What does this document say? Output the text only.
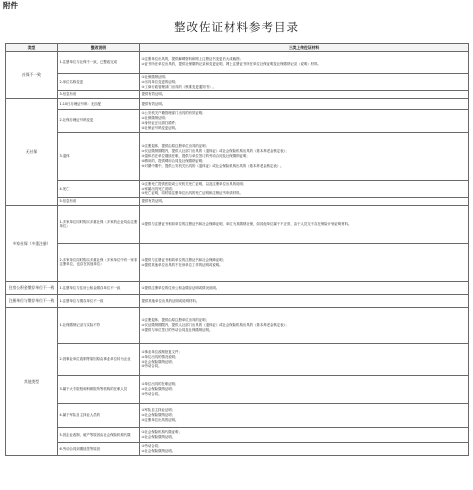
附件
整改佐证材料参考目录
类型	整改说明	三类上传佐证材料
社保不一致	1.注册单位与社保不一致，已整改完成	①注册单位出具的，提供解聘资料和网上注册证书变更后大成截图；

②证书所在单位出具的，提供社保缴纳记录和变更证明，网上注册证书所在单位社保证明及社保缴纳记录（说明）材料。

	2.单位名称变更	①社保缴纳证明；

②出具单位变更的证明；

③工商行政管理部门出具的《核准变更通知书》。

	3.信息有误	提供有效证明。

无社保	1.10日办理证号码：无匹配	提供有效证明。

	2.社保办理证号码变更	①公安机关户籍管理部门出具的有效证明；

②社保缴纳证明；

③身份证正反面扫描件；

④社保证号码变更证明。

	3.退休	①注册退休，提供由原注册单位出具的证明；

②仅证缴纳期限内，提供人社部门出具的《退休证》或社会保险机构出具的《基本养老金核定表》；

③退休后在单位继续任职，提供与单位签订的劳动合同及社保缴纳证明；

④聘用的，提供聘用合同及社保缴纳证明；

⑤对期中期中，提供公安机关出具的《退休证》或社会保险机构出具的《基本养老金核定表》。

	4.死亡	①注册死亡提供医院或公安机关死亡证明，以及注册单位出具的说明；

②家属出具死亡说明；

③死亡证明，同时原注册单位出具的死亡证明和注销证书申请材料。

	5.信息有误	提供有效证明。

多家社保（多重注册）	1.多家单位同时购买多重社保（多家的企业均由注册单位）	①提供与注册证书相同单位的注册证书和社会保障证明，单位为其缴纳社保，如其他单位属于不正常，由于人员交不存在保险计划证明材料。

	2.多家单位同时购买多重社保（多家单位中有一家非注册单位，也存在其他单位）	①提供与注册证书相同单位的注册证书和社会保障证明；

②提供其他单位出具的不在该单位工作的证明或说明。

住房公积金缴存单位不一致	1.注册单位与住房公积金缴存单位不一致	①提供注册单位的住房公积金缴存证明或情况说明。

注册单位与缴存单位不一致	1.注册单位与缴存单位不一致	提供其他单位出具的证明或说明材料。

其他类型	1.社保缴纳记录与实际不符	①注册退休，提供由原注册单位出具的证明；

②仅证缴纳期限内，提供人社部门出具的《退休证》或社会保险机构出具的《基本养老金核定表》；

③提供与单位签订的劳动合同及社保缴纳证明。

	2.因事业单位改制等原因原由事业单位转为企业	①事业单位改制批复文件；

②单位出具的情况说明；

③社会保险缴纳证明；

④劳动合同。

	3.属于大专院校和科研院所等机构的在职人员	①单位出具的在职证明；

②社会保险缴纳证明；

③劳动合同。

	4.属于军队自主择业人员的	①军队自主择业证明；

②社会保险缴纳证明；

③注册单位出具的证明。

	5.因企业改制、破产等原因由社会保险机构代缴	①社会保险机构代缴证明；

②社会保险缴纳证明。

	6.劳动合同到期续签等原因	①劳动合同；

②社会保险缴纳证明。
